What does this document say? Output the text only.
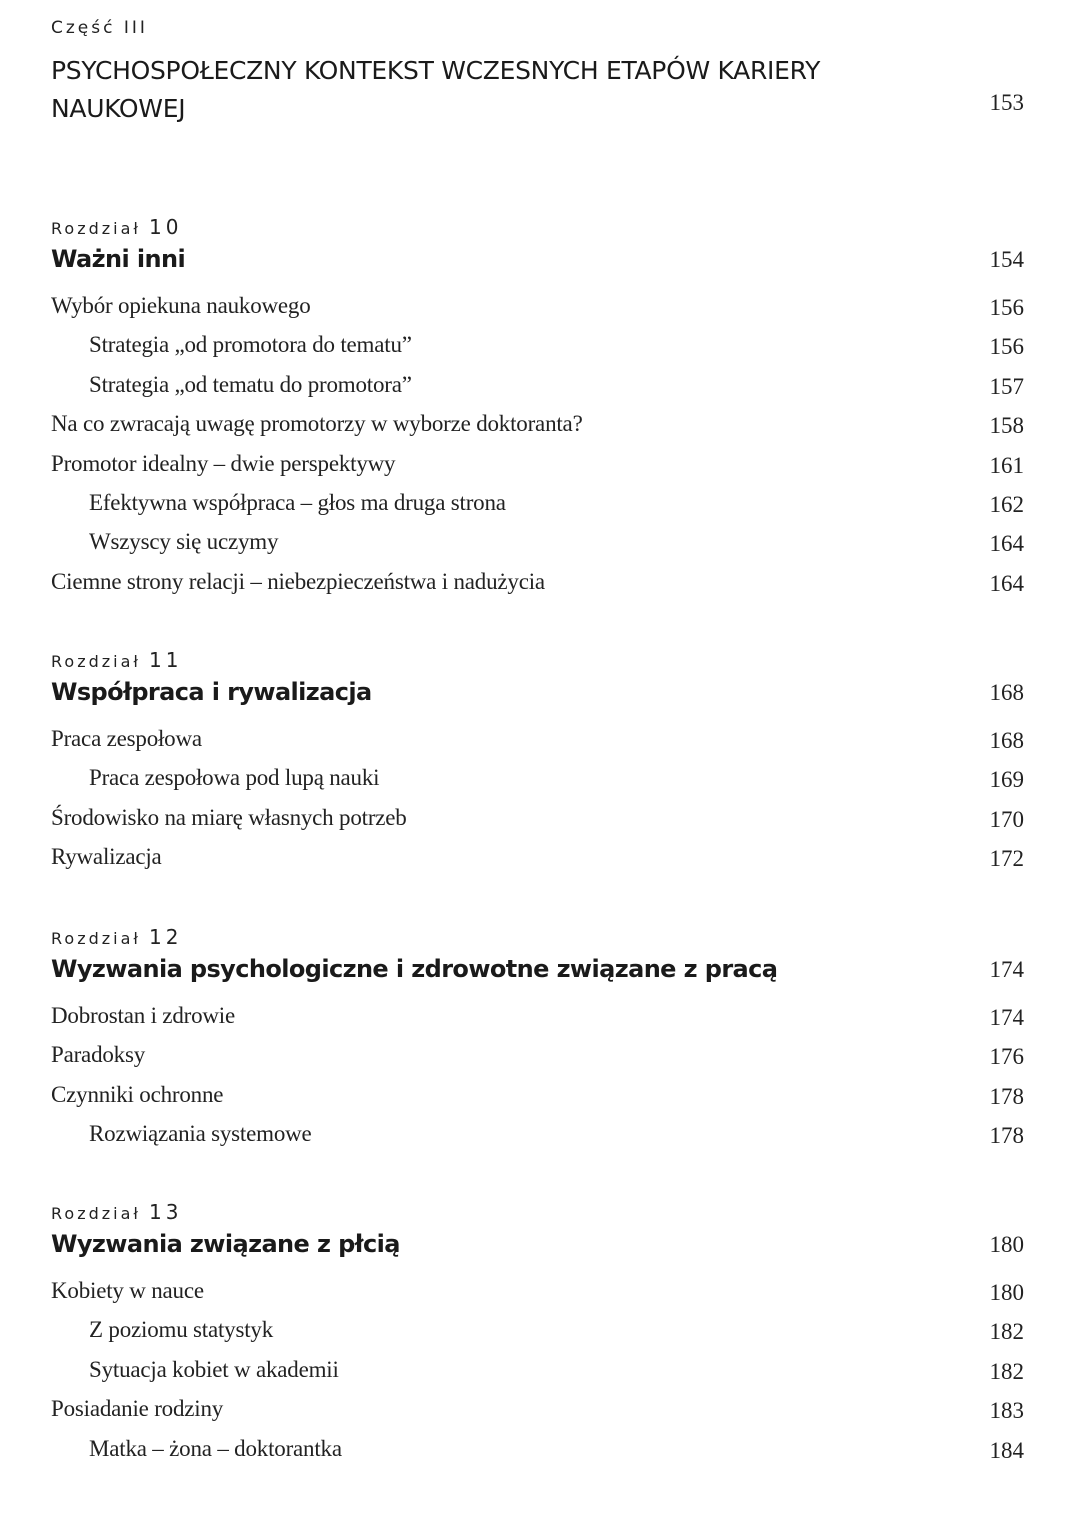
Część III
PSYCHOSPOŁECZNY KONTEKST WCZESNYCH ETAPÓW KARIERY NAUKOWEJ	153
Rozdział 10
Ważni inni	154
Wybór opiekuna naukowego	156
Strategia „od promotora do tematu”	156
Strategia „od tematu do promotora”	157
Na co zwracają uwagę promotorzy w wyborze doktoranta?	158
Promotor idealny – dwie perspektywy	161
Efektywna współpraca – głos ma druga strona	162
Wszyscy się uczymy	164
Ciemne strony relacji – niebezpieczeństwa i nadużycia	164
Rozdział 11
Współpraca i rywalizacja	168
Praca zespołowa	168
Praca zespołowa pod lupą nauki	169
Środowisko na miarę własnych potrzeb	170
Rywalizacja	172
Rozdział 12
Wyzwania psychologiczne i zdrowotne związane z pracą	174
Dobrostan i zdrowie	174
Paradoksy	176
Czynniki ochronne	178
Rozwiązania systemowe	178
Rozdział 13
Wyzwania związane z płcią	180
Kobiety w nauce	180
Z poziomu statystyk	182
Sytuacja kobiet w akademii	182
Posiadanie rodziny	183
Matka – żona – doktorantka	184
